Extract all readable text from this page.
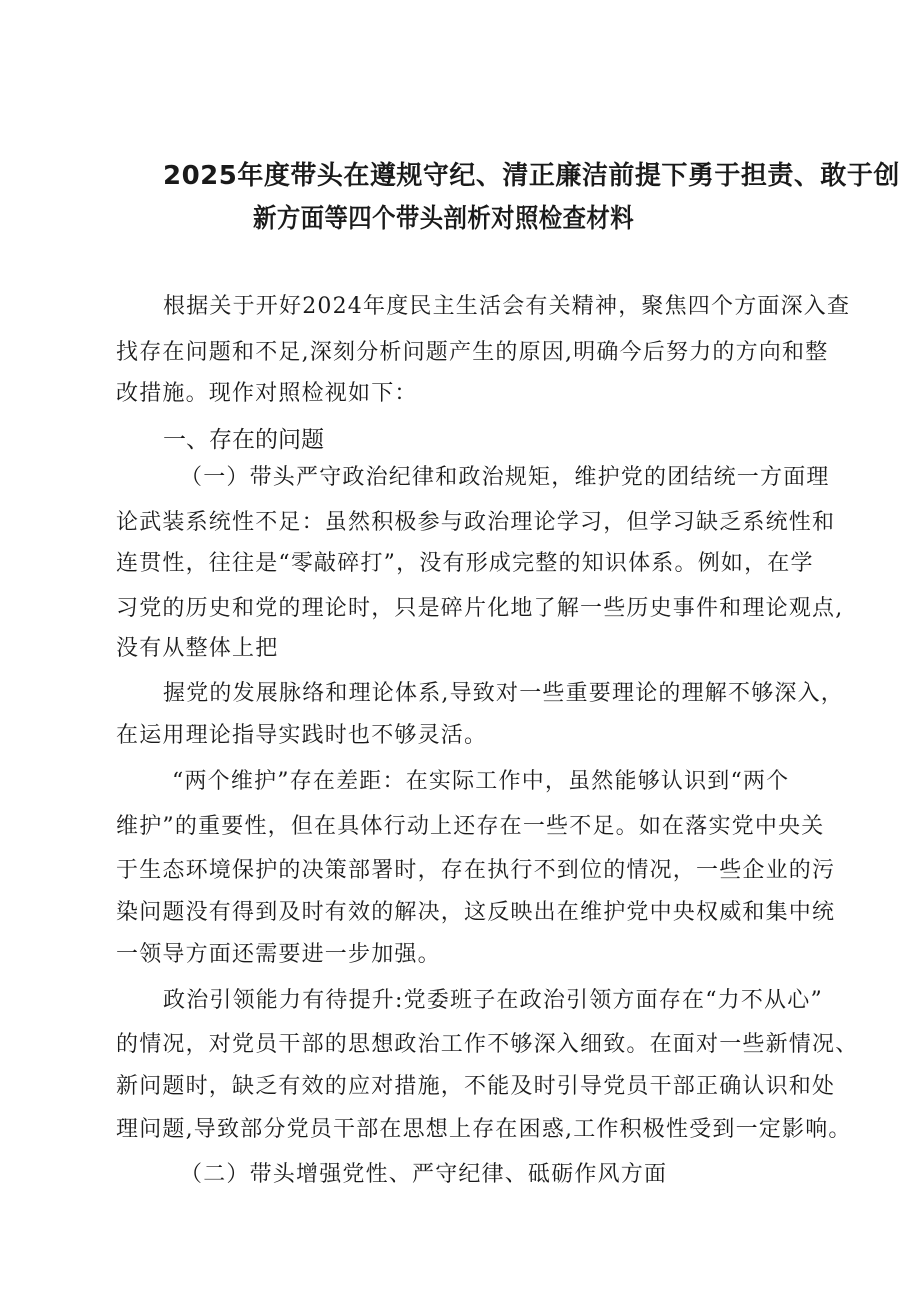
2025年度带头在遵规守纪、清正廉洁前提下勇于担责、敢于创
新方面等四个带头剖析对照检查材料
根据关于开好2024年度民主生活会有关精神，聚焦四个方面深入查
找存在问题和不足,深刻分析问题产生的原因,明确今后努力的方向和整
改措施。现作对照检视如下：
一、存在的问题
（一）带头严守政治纪律和政治规矩，维护党的团结统一方面理
论武装系统性不足：虽然积极参与政治理论学习，但学习缺乏系统性和
连贯性，往往是“零敲碎打”，没有形成完整的知识体系。例如，在学
习党的历史和党的理论时，只是碎片化地了解一些历史事件和理论观点,
没有从整体上把
握党的发展脉络和理论体系,导致对一些重要理论的理解不够深入，
在运用理论指导实践时也不够灵活。
“两个维护”存在差距：在实际工作中，虽然能够认识到“两个
维护”的重要性，但在具体行动上还存在一些不足。如在落实党中央关
于生态环境保护的决策部署时，存在执行不到位的情况，一些企业的污
染问题没有得到及时有效的解决，这反映出在维护党中央权威和集中统
一领导方面还需要进一步加强。
政治引领能力有待提升:党委班子在政治引领方面存在“力不从心”
的情况，对党员干部的思想政治工作不够深入细致。在面对一些新情况、
新问题时，缺乏有效的应对措施，不能及时引导党员干部正确认识和处
理问题,导致部分党员干部在思想上存在困惑,工作积极性受到一定影响。
（二）带头增强党性、严守纪律、砥砺作风方面
